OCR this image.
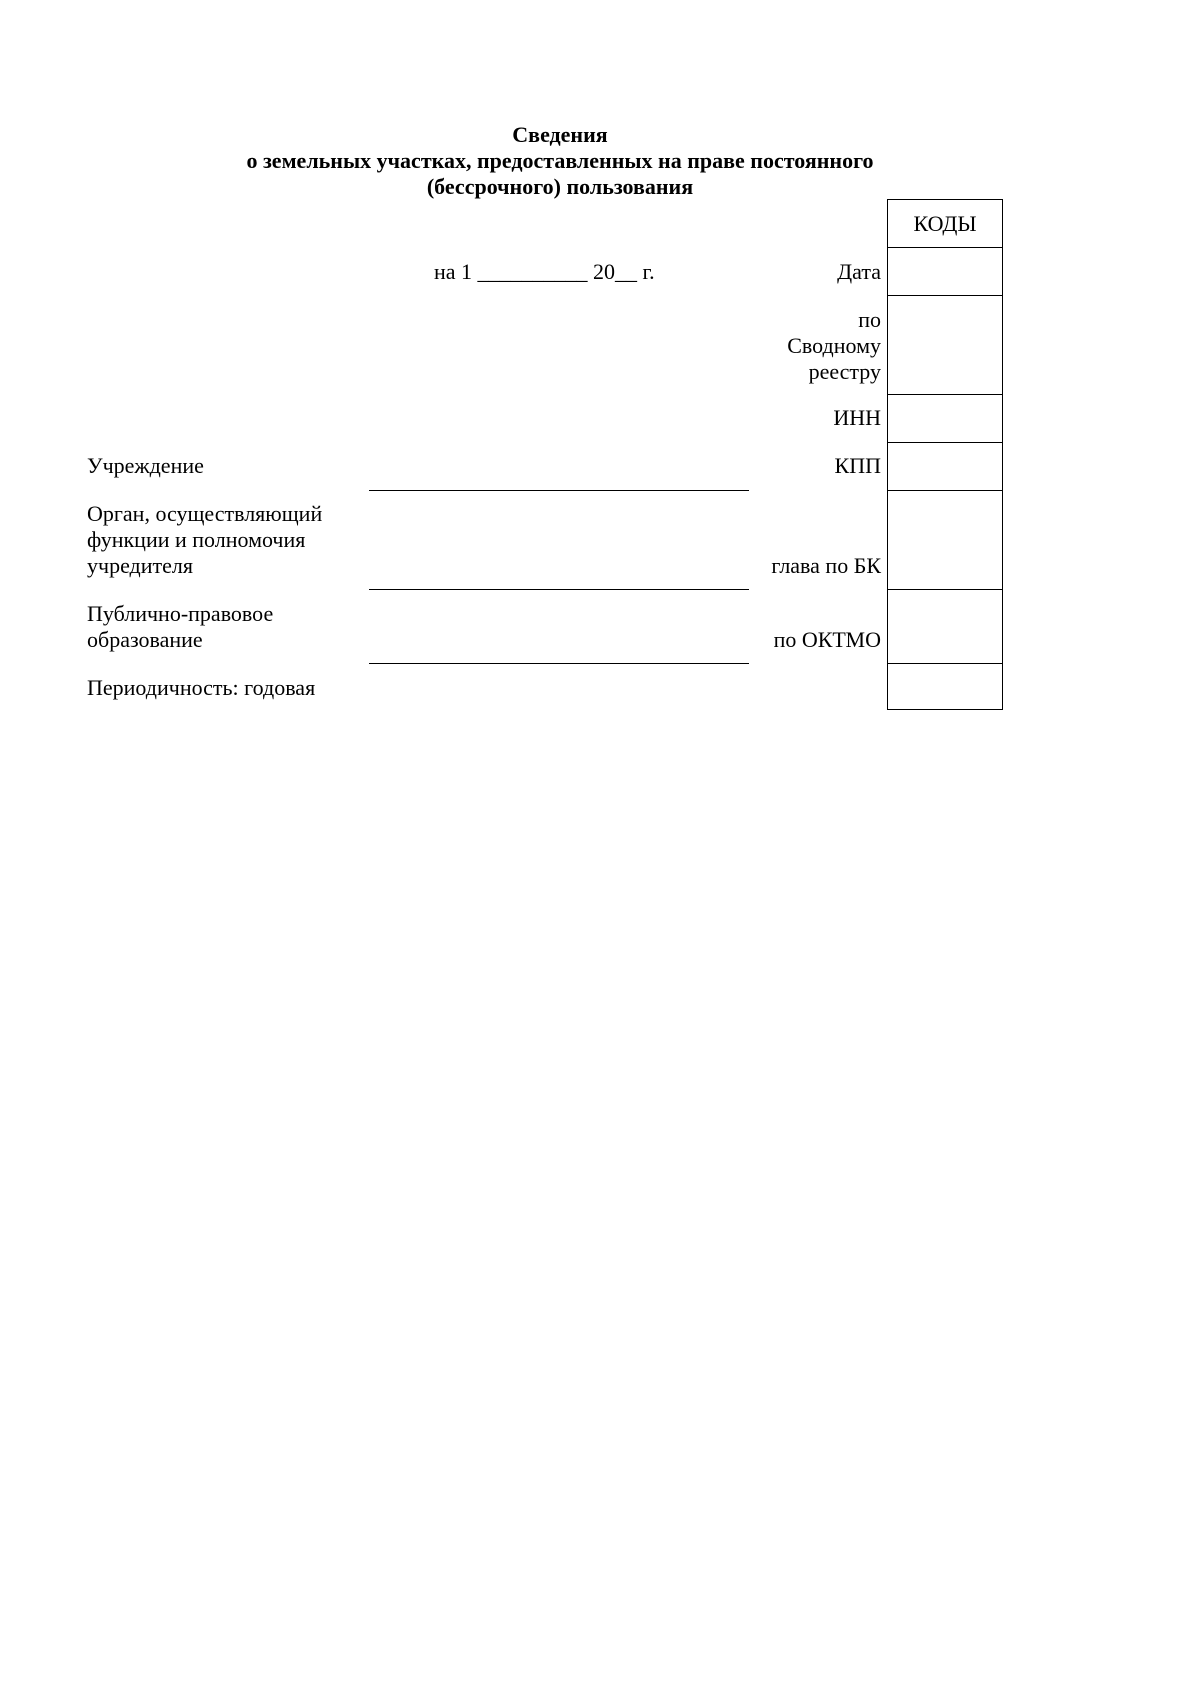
Сведения
о земельных участках, предоставленных на праве постоянного
(бессрочного) пользования
на 1 __________ 20__ г.
Учреждение
Орган, осуществляющий
функции и полномочия
учредителя
Публично-правовое
образование
Периодичность: годовая
Дата
по
Сводному
реестру
ИНН
КПП
глава по БК
по ОКТМО
КОДЫ
